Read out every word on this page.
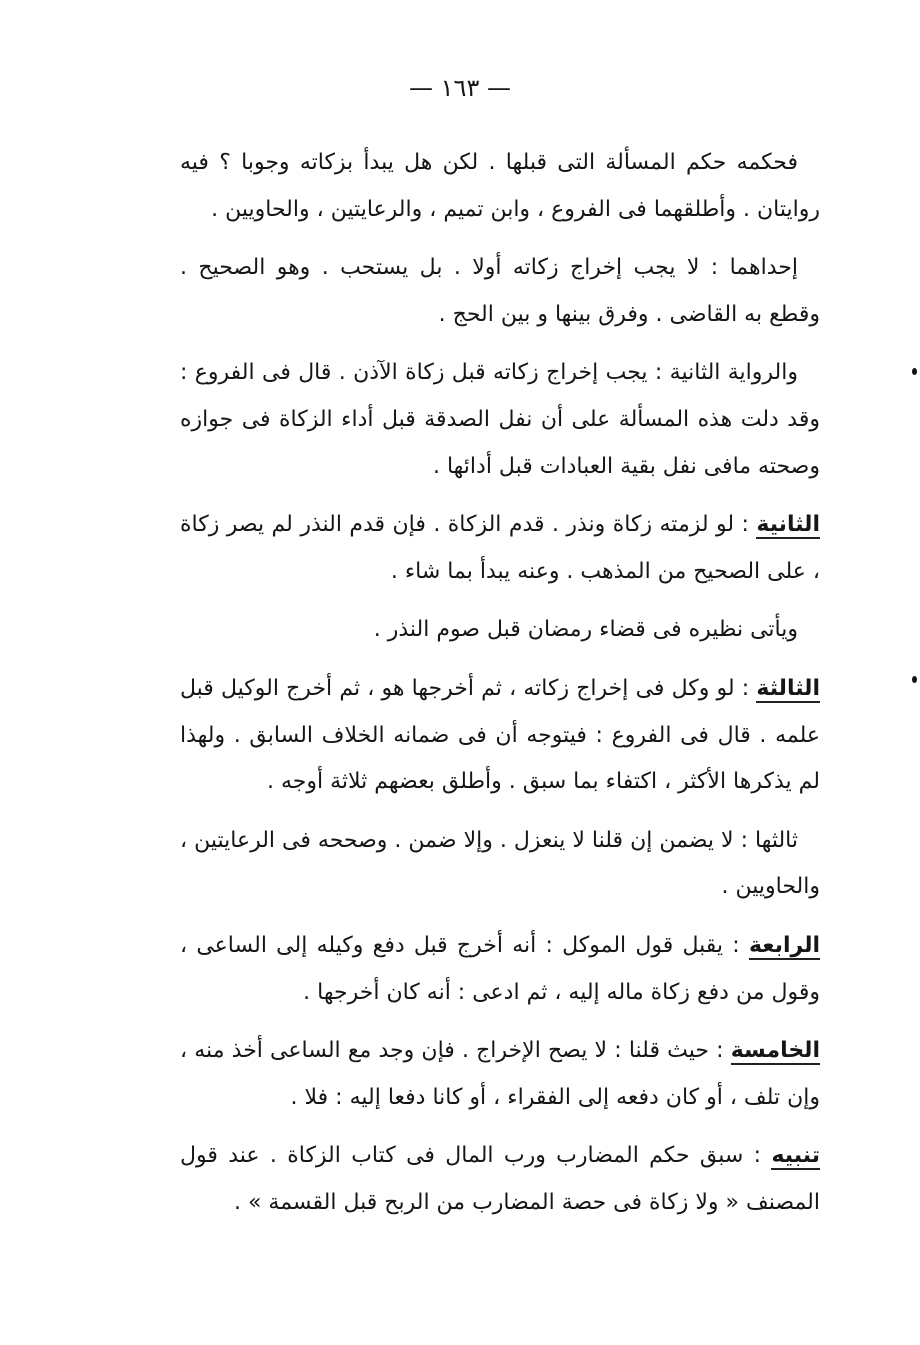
— ١٦٣ —

فحكمه حكم المسألة التى قبلها . لكن هل يبدأ بزكاته وجوبا ؟ فيه روايتان . وأطلقهما فى الفروع ، وابن تميم ، والرعايتين ، والحاويين .

إحداهما : لا يجب إخراج زكاته أولا . بل يستحب . وهو الصحيح . وقطع به القاضى . وفرق بينها و بين الحج .

والرواية الثانية : يجب إخراج زكاته قبل زكاة الآذن . قال فى الفروع : وقد دلت هذه المسألة على أن نفل الصدقة قبل أداء الزكاة فى جوازه وصحته مافى نفل بقية العبادات قبل أدائها .

الثانية : لو لزمته زكاة ونذر . قدم الزكاة . فإن قدم النذر لم يصر زكاة ، على الصحيح من المذهب . وعنه يبدأ بما شاء .

ويأتى نظيره فى قضاء رمضان قبل صوم النذر .

الثالثة : لو وكل فى إخراج زكاته ، ثم أخرجها هو ، ثم أخرج الوكيل قبل علمه . قال فى الفروع : فيتوجه أن فى ضمانه الخلاف السابق . ولهذا لم يذكرها الأكثر ، اكتفاء بما سبق . وأطلق بعضهم ثلاثة أوجه .

ثالثها : لا يضمن إن قلنا لا ينعزل . وإلا ضمن . وصححه فى الرعايتين ، والحاويين .

الرابعة : يقبل قول الموكل : أنه أخرج قبل دفع وكيله إلى الساعى ، وقول من دفع زكاة ماله إليه ، ثم ادعى : أنه كان أخرجها .

الخامسة : حيث قلنا : لا يصح الإخراج . فإن وجد مع الساعى أخذ منه ، وإن تلف ، أو كان دفعه إلى الفقراء ، أو كانا دفعا إليه : فلا .

تنبيه : سبق حكم المضارب ورب المال فى كتاب الزكاة . عند قول المصنف « ولا زكاة فى حصة المضارب من الربح قبل القسمة » .
